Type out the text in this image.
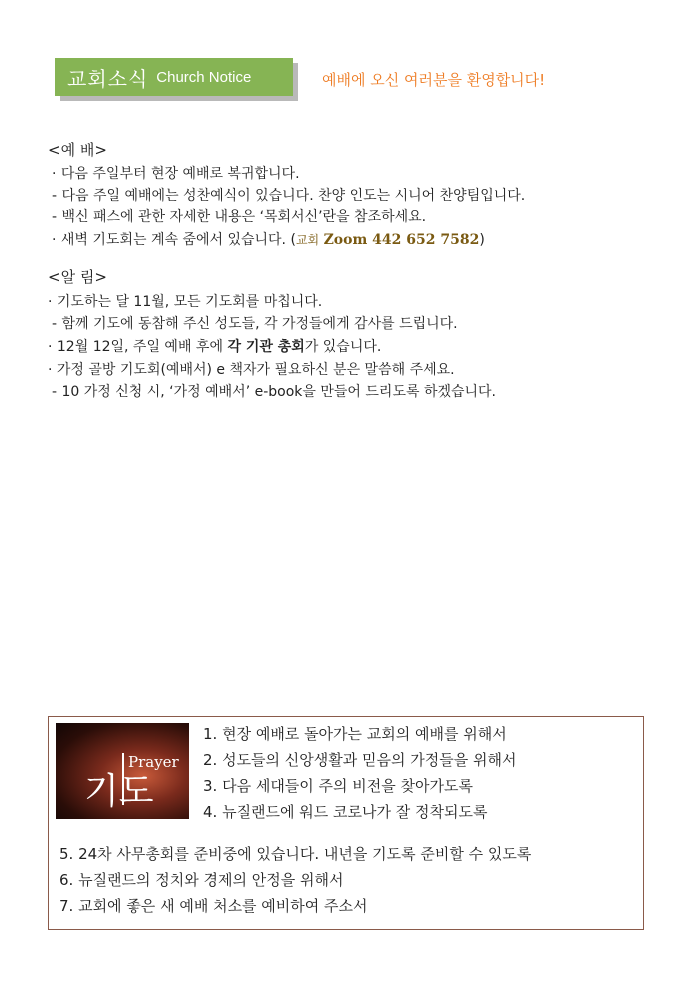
교회소식 Church Notice	예배에 오신 여러분을 환영합니다!
<예 배>
· 다음 주일부터 현장 예배로 복귀합니다.
- 다음 주일 예배에는 성찬예식이 있습니다. 찬양 인도는 시니어 찬양팀입니다.
- 백신 패스에 관한 자세한 내용은 ‘목회서신’란을 참조하세요.
· 새벽 기도회는 계속 줌에서 있습니다. (교회 Zoom 442 652 7582)
<알 림>
· 기도하는 달 11월, 모든 기도회를 마칩니다.
- 함께 기도에 동참해 주신 성도들, 각 가정들에게 감사를 드립니다.
· 12월 12일, 주일 예배 후에 각 기관 총회가 있습니다.
· 가정 골방 기도회(예배서) e 책자가 필요하신 분은 말씀해 주세요.
- 10 가정 신청 시, ‘가정 예배서’ e-book을 만들어 드리도록 하겠습니다.
Prayer
기도
1. 현장 예배로 돌아가는 교회의 예배를 위해서
2. 성도들의 신앙생활과 믿음의 가정들을 위해서
3. 다음 세대들이 주의 비전을 찾아가도록
4. 뉴질랜드에 워드 코로나가 잘 정착되도록
5. 24차 사무총회를 준비중에 있습니다. 내년을 기도록 준비할 수 있도록
6. 뉴질랜드의 정치와 경제의 안정을 위해서
7. 교회에 좋은 새 예배 처소를 예비하여 주소서
